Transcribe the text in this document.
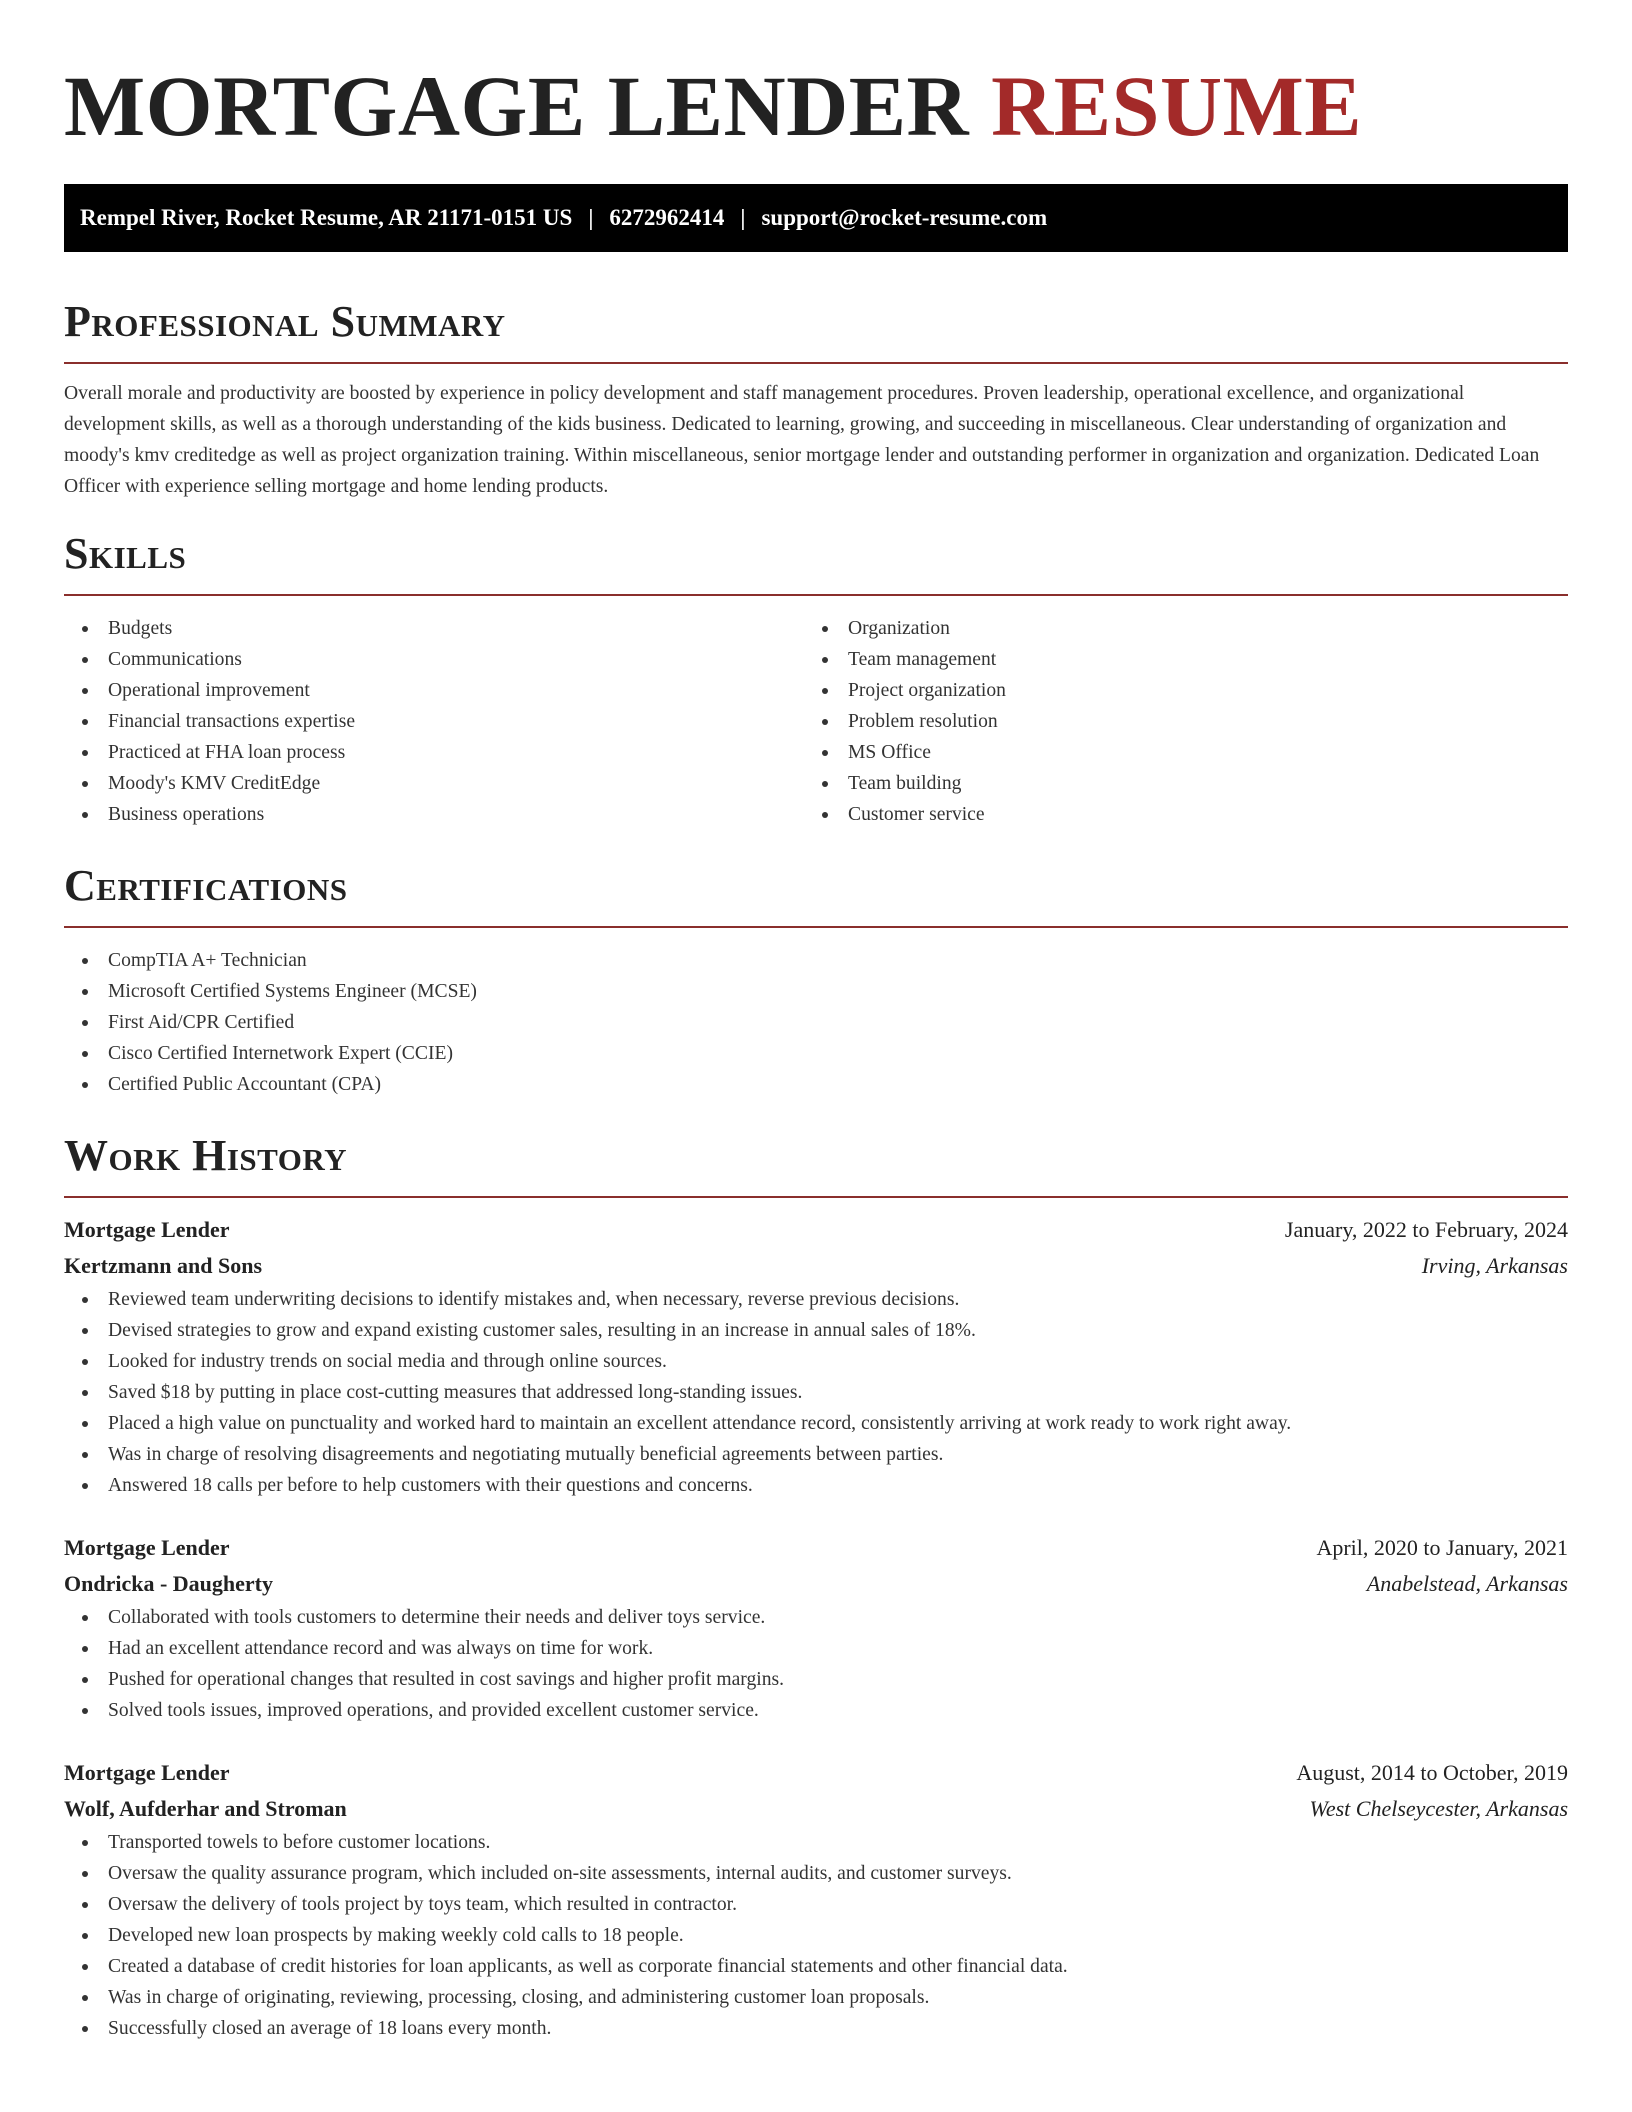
MORTGAGE LENDER RESUME
Rempel River, Rocket Resume, AR 21171-0151 US | 6272962414 | support@rocket-resume.com
Professional Summary

Overall morale and productivity are boosted by experience in policy development and staff management procedures. Proven leadership, operational excellence, and organizational development skills, as well as a thorough understanding of the kids business. Dedicated to learning, growing, and succeeding in miscellaneous. Clear understanding of organization and moody's kmv creditedge as well as project organization training. Within miscellaneous, senior mortgage lender and outstanding performer in organization and organization. Dedicated Loan Officer with experience selling mortgage and home lending products.

Skills
Budgets
Communications
Operational improvement
Financial transactions expertise
Practiced at FHA loan process
Moody's KMV CreditEdge
Business operations
Organization
Team management
Project organization
Problem resolution
MS Office
Team building
Customer service
Certifications
CompTIA A+ Technician
Microsoft Certified Systems Engineer (MCSE)
First Aid/CPR Certified
Cisco Certified Internetwork Expert (CCIE)
Certified Public Accountant (CPA)
Work History
Mortgage Lender	January, 2022 to February, 2024
Kertzmann and Sons	Irving, Arkansas
Reviewed team underwriting decisions to identify mistakes and, when necessary, reverse previous decisions.
Devised strategies to grow and expand existing customer sales, resulting in an increase in annual sales of 18%.
Looked for industry trends on social media and through online sources.
Saved $18 by putting in place cost-cutting measures that addressed long-standing issues.
Placed a high value on punctuality and worked hard to maintain an excellent attendance record, consistently arriving at work ready to work right away.
Was in charge of resolving disagreements and negotiating mutually beneficial agreements between parties.
Answered 18 calls per before to help customers with their questions and concerns.
Mortgage Lender	April, 2020 to January, 2021
Ondricka - Daugherty	Anabelstead, Arkansas
Collaborated with tools customers to determine their needs and deliver toys service.
Had an excellent attendance record and was always on time for work.
Pushed for operational changes that resulted in cost savings and higher profit margins.
Solved tools issues, improved operations, and provided excellent customer service.
Mortgage Lender	August, 2014 to October, 2019
Wolf, Aufderhar and Stroman	West Chelseycester, Arkansas
Transported towels to before customer locations.
Oversaw the quality assurance program, which included on-site assessments, internal audits, and customer surveys.
Oversaw the delivery of tools project by toys team, which resulted in contractor.
Developed new loan prospects by making weekly cold calls to 18 people.
Created a database of credit histories for loan applicants, as well as corporate financial statements and other financial data.
Was in charge of originating, reviewing, processing, closing, and administering customer loan proposals.
Successfully closed an average of 18 loans every month.
